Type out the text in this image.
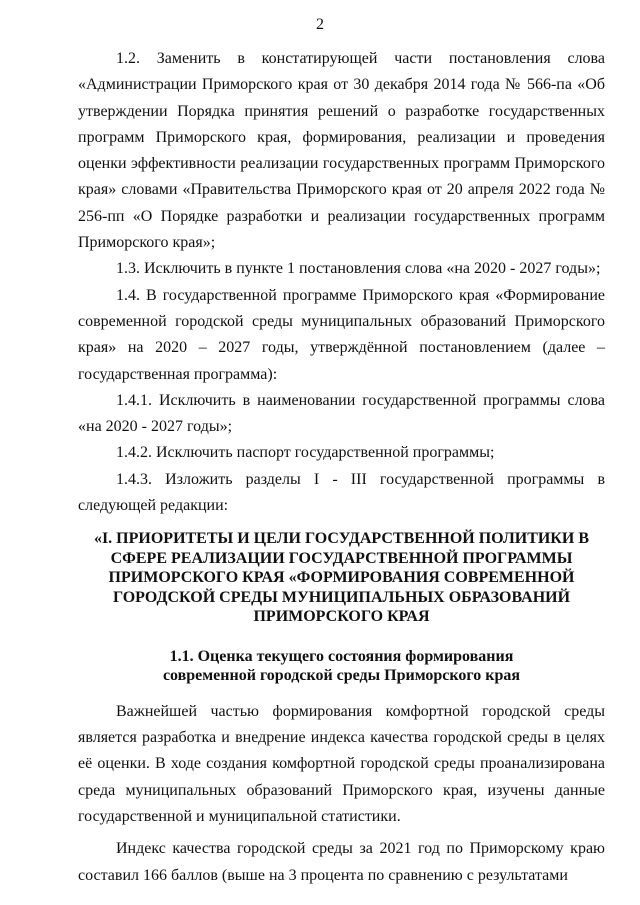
2

1.2. Заменить в констатирующей части постановления слова «Администрации Приморского края от 30 декабря 2014 года № 566-па «Об утверждении Порядка принятия решений о разработке государственных программ Приморского края, формирования, реализации и проведения оценки эффективности реализации государственных программ Приморского края» словами «Правительства Приморского края от 20 апреля 2022 года № 256-пп «О Порядке разработки и реализации государственных программ Приморского края»;

1.3. Исключить в пункте 1 постановления слова «на 2020 - 2027 годы»;

1.4. В государственной программе Приморского края «Формирование современной городской среды муниципальных образований Приморского края» на 2020 – 2027 годы, утверждённой постановлением (далее – государственная программа):

1.4.1. Исключить в наименовании государственной программы слова «на 2020 - 2027 годы»;

1.4.2. Исключить паспорт государственной программы;

1.4.3. Изложить разделы I - III государственной программы в следующей редакции:

«I. ПРИОРИТЕТЫ И ЦЕЛИ ГОСУДАРСТВЕННОЙ ПОЛИТИКИ В
СФЕРЕ РЕАЛИЗАЦИИ ГОСУДАРСТВЕННОЙ ПРОГРАММЫ
ПРИМОРСКОГО КРАЯ «ФОРМИРОВАНИЯ СОВРЕМЕННОЙ
ГОРОДСКОЙ СРЕДЫ МУНИЦИПАЛЬНЫХ ОБРАЗОВАНИЙ
ПРИМОРСКОГО КРАЯ
1.1. Оценка текущего состояния формирования
современной городской среды Приморского края

Важнейшей частью формирования комфортной городской среды является разработка и внедрение индекса качества городской среды в целях её оценки. В ходе создания комфортной городской среды проанализирована среда муниципальных образований Приморского края, изучены данные государственной и муниципальной статистики.

Индекс качества городской среды за 2021 год по Приморскому краю составил 166 баллов (выше на 3 процента по сравнению с результатами
